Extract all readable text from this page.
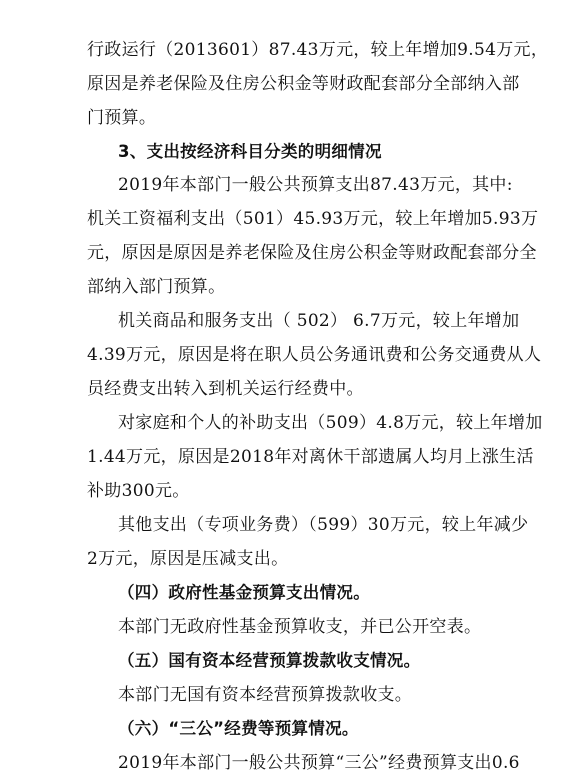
行政运行（2013601）87.43万元，较上年增加9.54万元，
原因是养老保险及住房公积金等财政配套部分全部纳入部
门预算。
3、支出按经济科目分类的明细情况
2019年本部门一般公共预算支出87.43万元，其中:
机关工资福利支出（501）45.93万元，较上年增加5.93万
元，原因是原因是养老保险及住房公积金等财政配套部分全
部纳入部门预算。
机关商品和服务支出（ 502） 6.7万元，较上年增加
4.39万元，原因是将在职人员公务通讯费和公务交通费从人
员经费支出转入到机关运行经费中。
对家庭和个人的补助支出（509）4.8万元，较上年增加
1.44万元，原因是2018年对离休干部遗属人均月上涨生活
补助300元。
其他支出（专项业务费）（599）30万元，较上年减少
2万元，原因是压减支出。
（四）政府性基金预算支出情况。
本部门无政府性基金预算收支，并已公开空表。
（五）国有资本经营预算拨款收支情况。
本部门无国有资本经营预算拨款收支。
（六）“三公”经费等预算情况。
2019年本部门一般公共预算“三公”经费预算支出0.6
